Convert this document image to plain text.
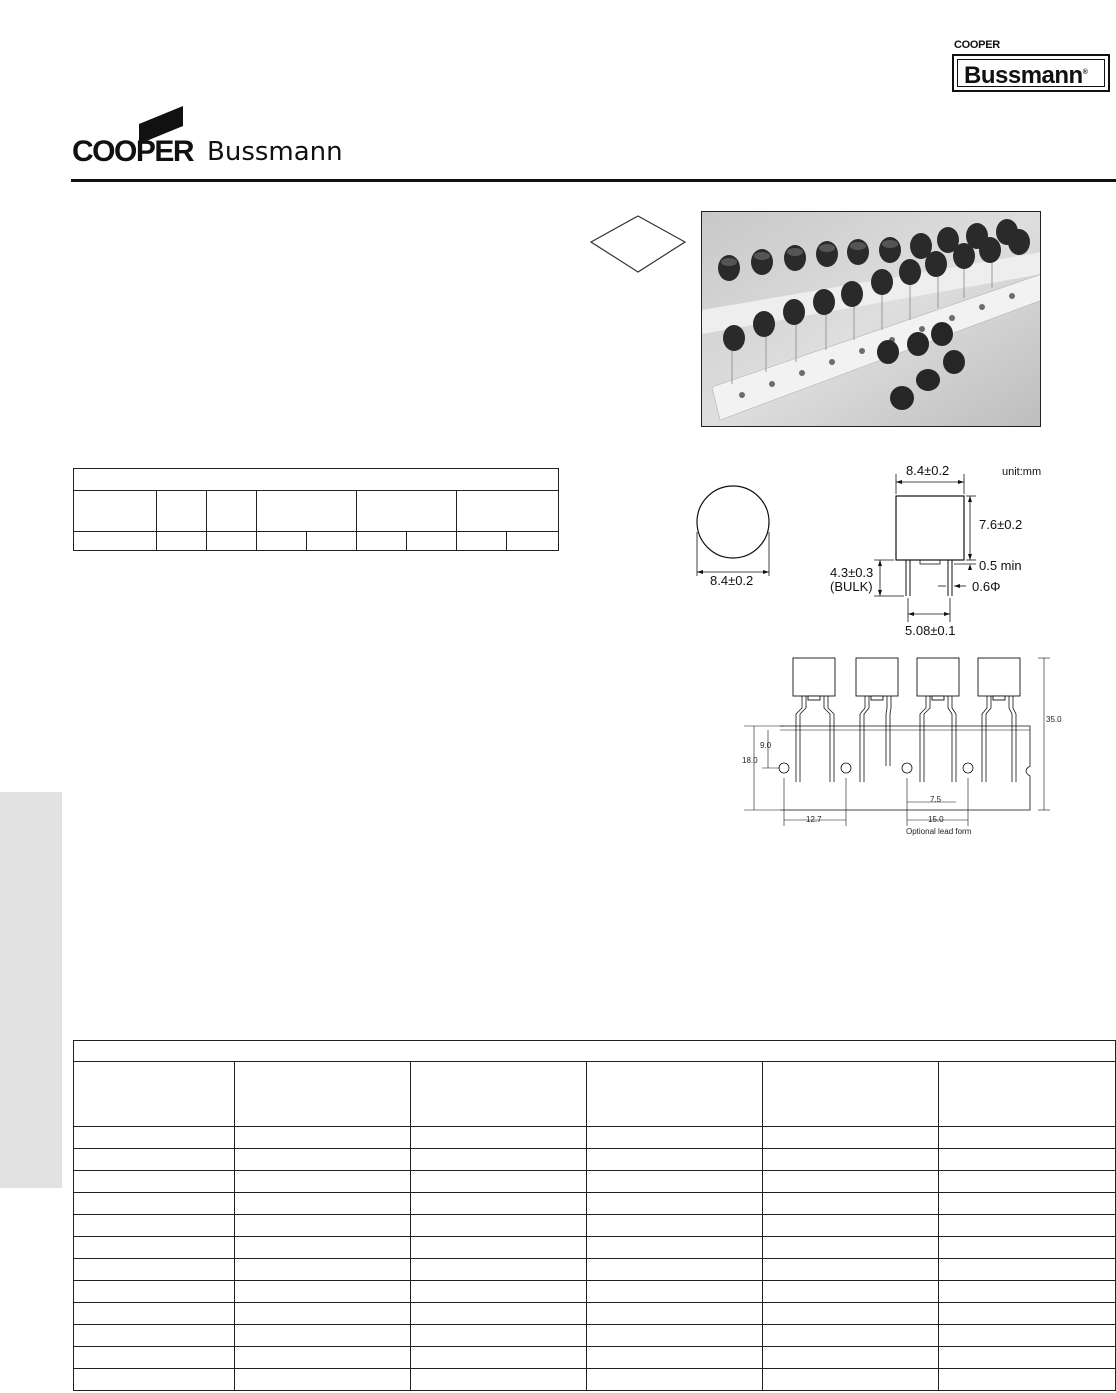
COOPER
Bussmann®
COOPER Bussmann

8.4±0.2
8.4±0.2	unit:mm
7.6±0.2
0.5 min
0.6Φ
4.3±0.3
(BULK)
5.08±0.1
9.0
18.0
35.0
12.7
7.5
15.0
Optional lead form
